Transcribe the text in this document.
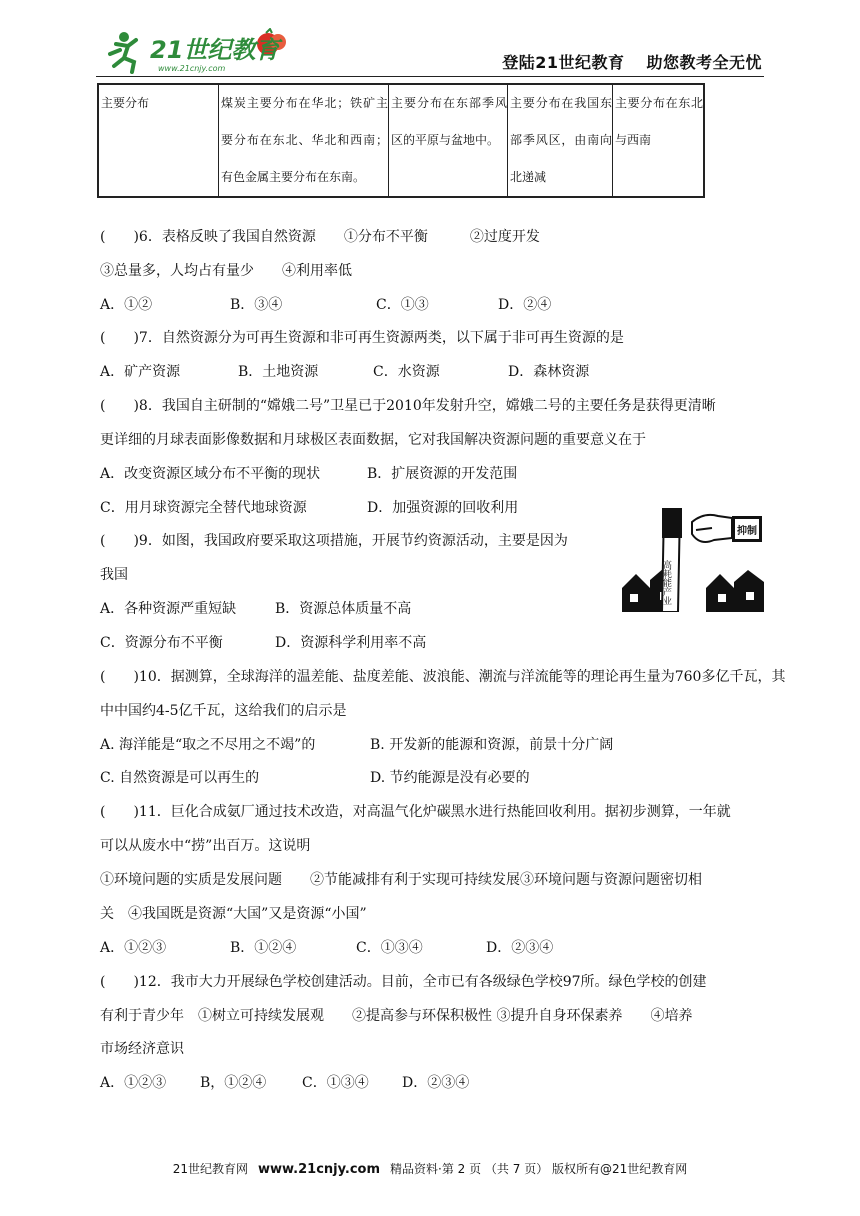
21世纪教育
www.21cnjy.com	登陆21世纪教育 助您教考全无忧
主要分布	煤炭主要分布在华北；铁矿主要分布在东北、华北和西南；有色金属主要分布在东南。	主要分布在东部季风区的平原与盆地中。	主要分布在我国东部季风区，由南向北递减	主要分布在东北与西南
(　　)6．表格反映了我国自然资源　　①分布不平衡　　　②过度开发
③总量多，人均占有量少　　④利用率低
A．①②	B．③④	C．①③	D．②④
(　　)7．自然资源分为可再生资源和非可再生资源两类，以下属于非可再生资源的是
A．矿产资源	B．土地资源	C．水资源	D．森林资源
(　　)8．我国自主研制的“嫦娥二号”卫星已于2010年发射升空，嫦娥二号的主要任务是获得更清晰
更详细的月球表面影像数据和月球极区表面数据，它对我国解决资源问题的重要意义在于
A．改变资源区域分布不平衡的现状	B．扩展资源的开发范围
C．用月球资源完全替代地球资源	D．加强资源的回收利用
(　　)9．如图，我国政府要采取这项措施，开展节约资源活动，主要是因为
我国
A．各种资源严重短缺	B．资源总体质量不高
C．资源分布不平衡	D．资源科学利用率不高
高耗能产业
抑制
(　　)10．据测算，全球海洋的温差能、盐度差能、波浪能、潮流与洋流能等的理论再生量为760多亿千瓦，其
中中国约4-5亿千瓦，这给我们的启示是
A. 海洋能是“取之不尽用之不竭”的	B. 开发新的能源和资源，前景十分广阔
C. 自然资源是可以再生的	D. 节约能源是没有必要的
(　　)11．巨化合成氨厂通过技术改造，对高温气化炉碳黑水进行热能回收利用。据初步测算，一年就
可以从废水中“捞”出百万。这说明
①环境问题的实质是发展问题　　②节能减排有利于实现可持续发展③环境问题与资源问题密切相
关　④我国既是资源“大国”又是资源“小国”
A．①②③	B．①②④	C．①③④	D．②③④
(　　)12．我市大力开展绿色学校创建活动。目前，全市已有各级绿色学校97所。绿色学校的创建
有利于青少年　①树立可持续发展观　　②提高参与环保积极性 ③提升自身环保素养　　④培养
市场经济意识
A．①②③ B，①②④	C．①③④ D．②③④
21世纪教育网 www.21cnjy.com 精品资料·第 2 页 （共 7 页） 版权所有@21世纪教育网
